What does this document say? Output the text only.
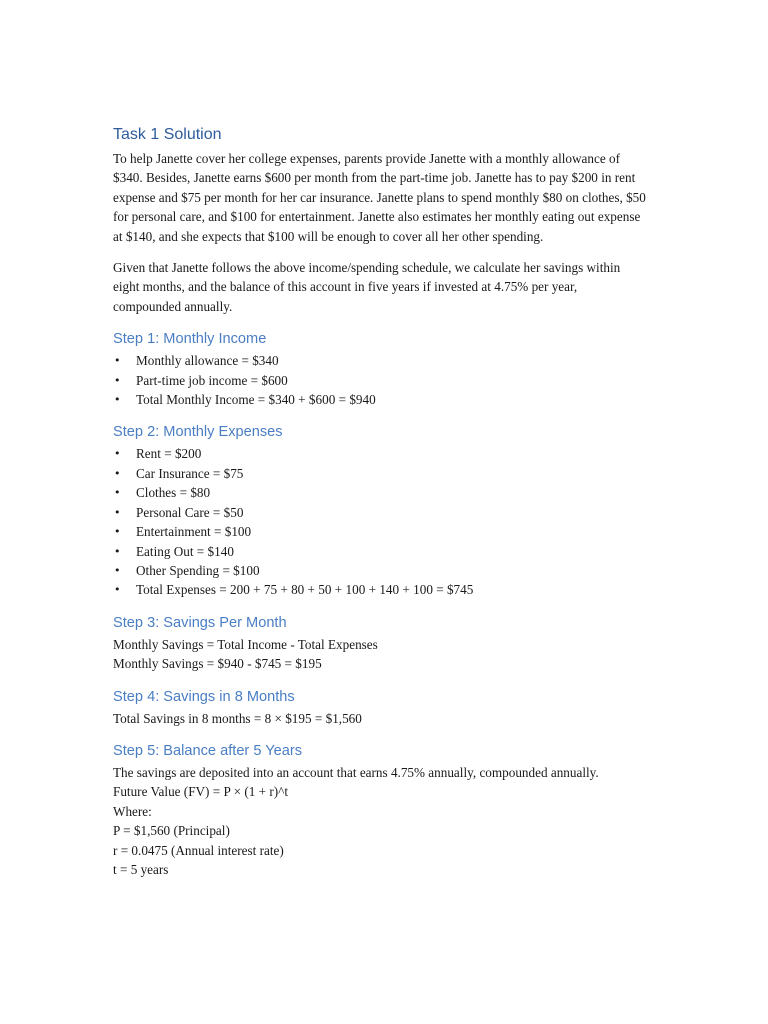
Task 1 Solution

To help Janette cover her college expenses, parents provide Janette with a monthly allowance of $340. Besides, Janette earns $600 per month from the part-time job. Janette has to pay $200 in rent expense and $75 per month for her car insurance. Janette plans to spend monthly $80 on clothes, $50 for personal care, and $100 for entertainment. Janette also estimates her monthly eating out expense at $140, and she expects that $100 will be enough to cover all her other spending.

Given that Janette follows the above income/spending schedule, we calculate her savings within eight months, and the balance of this account in five years if invested at 4.75% per year, compounded annually.

Step 1: Monthly Income
• Monthly allowance = $340
• Part-time job income = $600
• Total Monthly Income = $340 + $600 = $940
Step 2: Monthly Expenses
• Rent = $200
• Car Insurance = $75
• Clothes = $80
• Personal Care = $50
• Entertainment = $100
• Eating Out = $140
• Other Spending = $100
• Total Expenses = 200 + 75 + 80 + 50 + 100 + 140 + 100 = $745
Step 3: Savings Per Month
Monthly Savings = Total Income - Total Expenses
Monthly Savings = $940 - $745 = $195
Step 4: Savings in 8 Months
Total Savings in 8 months = 8 × $195 = $1,560
Step 5: Balance after 5 Years
The savings are deposited into an account that earns 4.75% annually, compounded annually.
Future Value (FV) = P × (1 + r)^t
Where:
P = $1,560 (Principal)
r = 0.0475 (Annual interest rate)
t = 5 years
